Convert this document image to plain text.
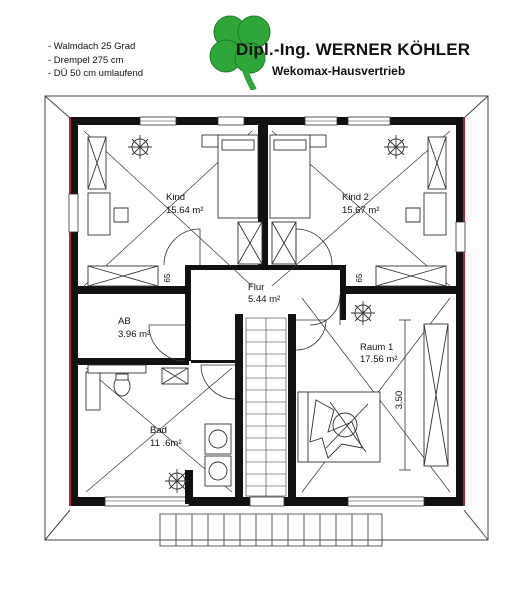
- Walmdach 25 Grad
- Drempel 275 cm
- DÜ 50 cm umlaufend
Dipl.-Ing. WERNER KÖHLER
Wekomax-Hausvertrieb
3.50
65	65
Kind
15.64 m²
Kind 2
15.67 m²
Flur
5.44 m²
AB
3.96 m²
Raum 1
17.56 m²
Bad
11 .6m²
